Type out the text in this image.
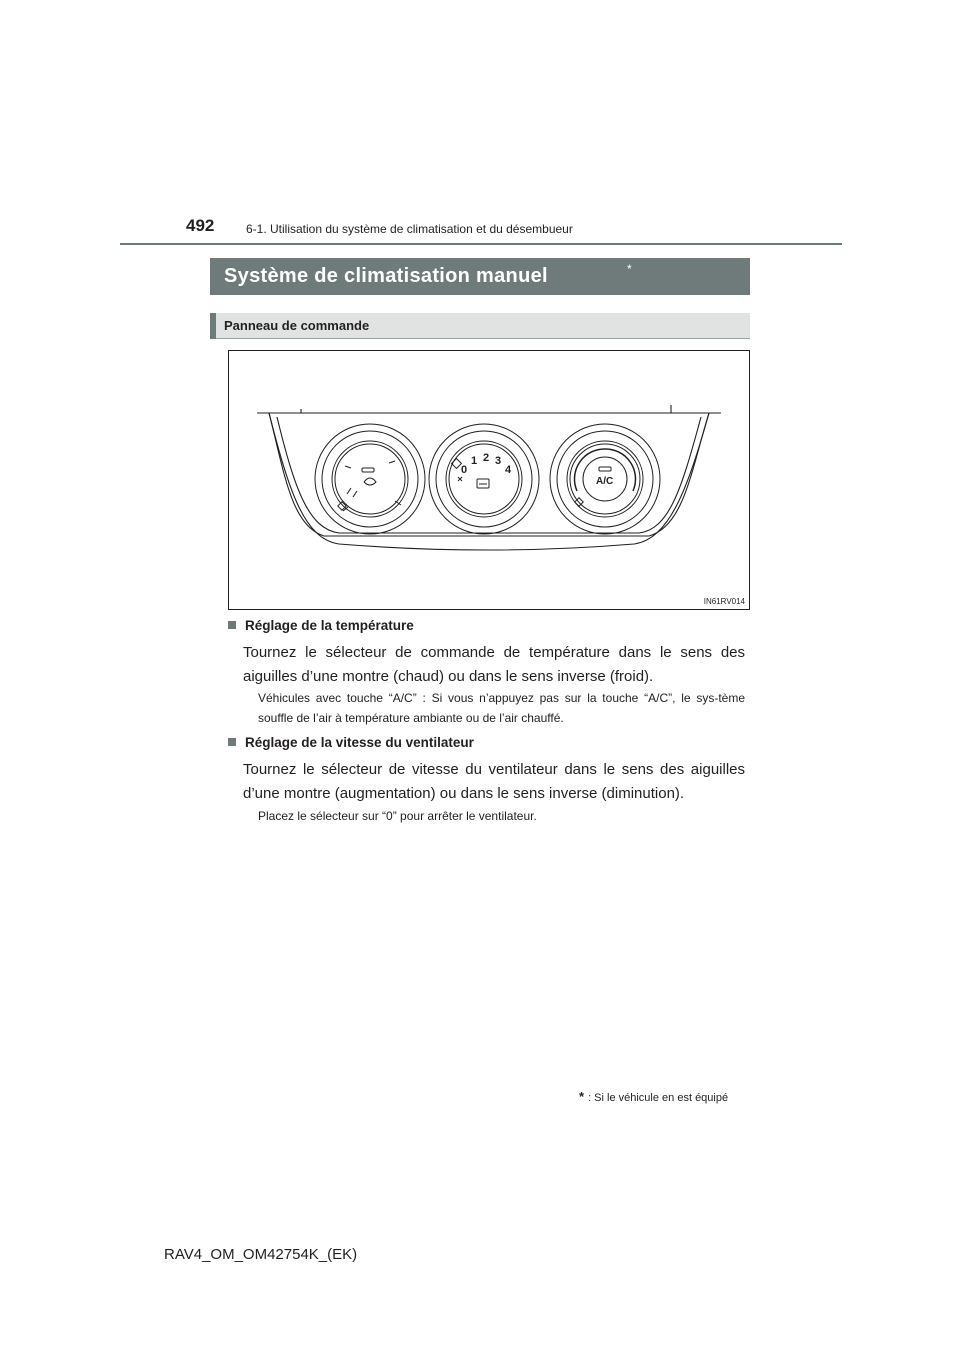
492	6-1. Utilisation du système de climatisation et du désembueur
Système de climatisation manuel	*
Panneau de commande
0
1 2 3
4
A/C
IN61RV014
Réglage de la température
Tournez le sélecteur de commande de température dans le sens des aiguilles d’une montre (chaud) ou dans le sens inverse (froid).
Véhicules avec touche “A/C” : Si vous n’appuyez pas sur la touche “A/C”, le sys-tème souffle de l’air à température ambiante ou de l’air chauffé.
Réglage de la vitesse du ventilateur
Tournez le sélecteur de vitesse du ventilateur dans le sens des aiguilles d’une montre (augmentation) ou dans le sens inverse (diminution).
Placez le sélecteur sur “0” pour arrêter le ventilateur.
* : Si le véhicule en est équipé
RAV4_OM_OM42754K_(EK)
